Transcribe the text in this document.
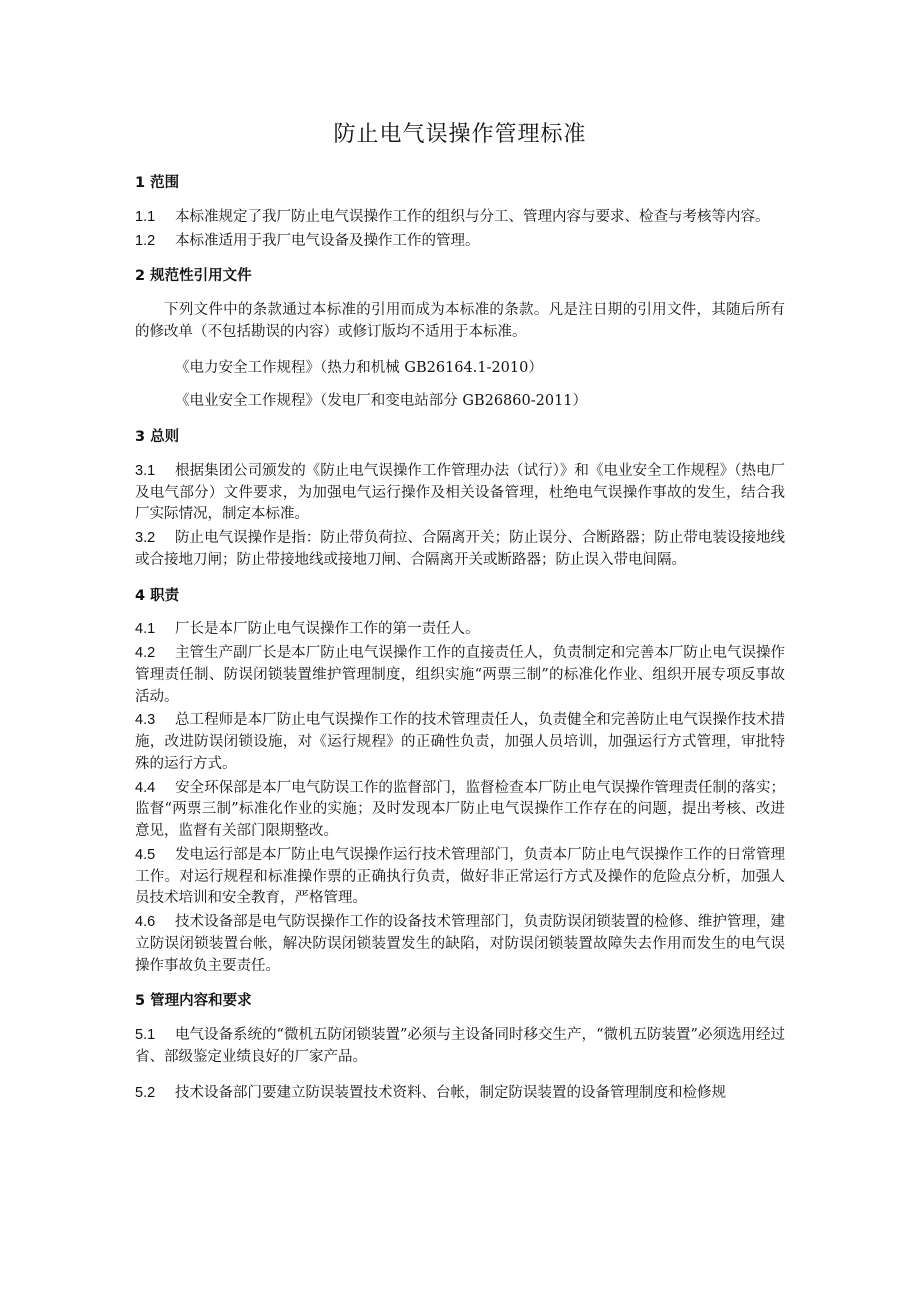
防止电气误操作管理标准
1 范围
1.1 本标准规定了我厂防止电气误操作工作的组织与分工、管理内容与要求、检查与考核等内容。
1.2 本标准适用于我厂电气设备及操作工作的管理。
2 规范性引用文件
下列文件中的条款通过本标准的引用而成为本标准的条款。凡是注日期的引用文件，其随后所有的修改单（不包括勘误的内容）或修订版均不适用于本标准。
《电力安全工作规程》（热力和机械 GB26164.1-2010）
《电业安全工作规程》（发电厂和变电站部分 GB26860-2011）
3 总则
3.1 根据集团公司颁发的《防止电气误操作工作管理办法（试行）》和《电业安全工作规程》（热电厂及电气部分）文件要求，为加强电气运行操作及相关设备管理，杜绝电气误操作事故的发生，结合我厂实际情况，制定本标准。
3.2 防止电气误操作是指：防止带负荷拉、合隔离开关；防止误分、合断路器；防止带电装设接地线或合接地刀闸；防止带接地线或接地刀闸、合隔离开关或断路器；防止误入带电间隔。
4 职责
4.1 厂长是本厂防止电气误操作工作的第一责任人。
4.2 主管生产副厂长是本厂防止电气误操作工作的直接责任人，负责制定和完善本厂防止电气误操作管理责任制、防误闭锁装置维护管理制度，组织实施“两票三制”的标准化作业、组织开展专项反事故活动。
4.3 总工程师是本厂防止电气误操作工作的技术管理责任人，负责健全和完善防止电气误操作技术措施，改进防误闭锁设施，对《运行规程》的正确性负责，加强人员培训，加强运行方式管理，审批特殊的运行方式。
4.4 安全环保部是本厂电气防误工作的监督部门，监督检查本厂防止电气误操作管理责任制的落实；监督“两票三制”标准化作业的实施；及时发现本厂防止电气误操作工作存在的问题，提出考核、改进意见，监督有关部门限期整改。
4.5 发电运行部是本厂防止电气误操作运行技术管理部门，负责本厂防止电气误操作工作的日常管理工作。对运行规程和标准操作票的正确执行负责，做好非正常运行方式及操作的危险点分析，加强人员技术培训和安全教育，严格管理。
4.6 技术设备部是电气防误操作工作的设备技术管理部门，负责防误闭锁装置的检修、维护管理，建立防误闭锁装置台帐，解决防误闭锁装置发生的缺陷，对防误闭锁装置故障失去作用而发生的电气误操作事故负主要责任。
5 管理内容和要求
5.1 电气设备系统的“微机五防闭锁装置”必须与主设备同时移交生产，“微机五防装置”必须选用经过省、部级鉴定业绩良好的厂家产品。
5.2 技术设备部门要建立防误装置技术资料、台帐，制定防误装置的设备管理制度和检修规
